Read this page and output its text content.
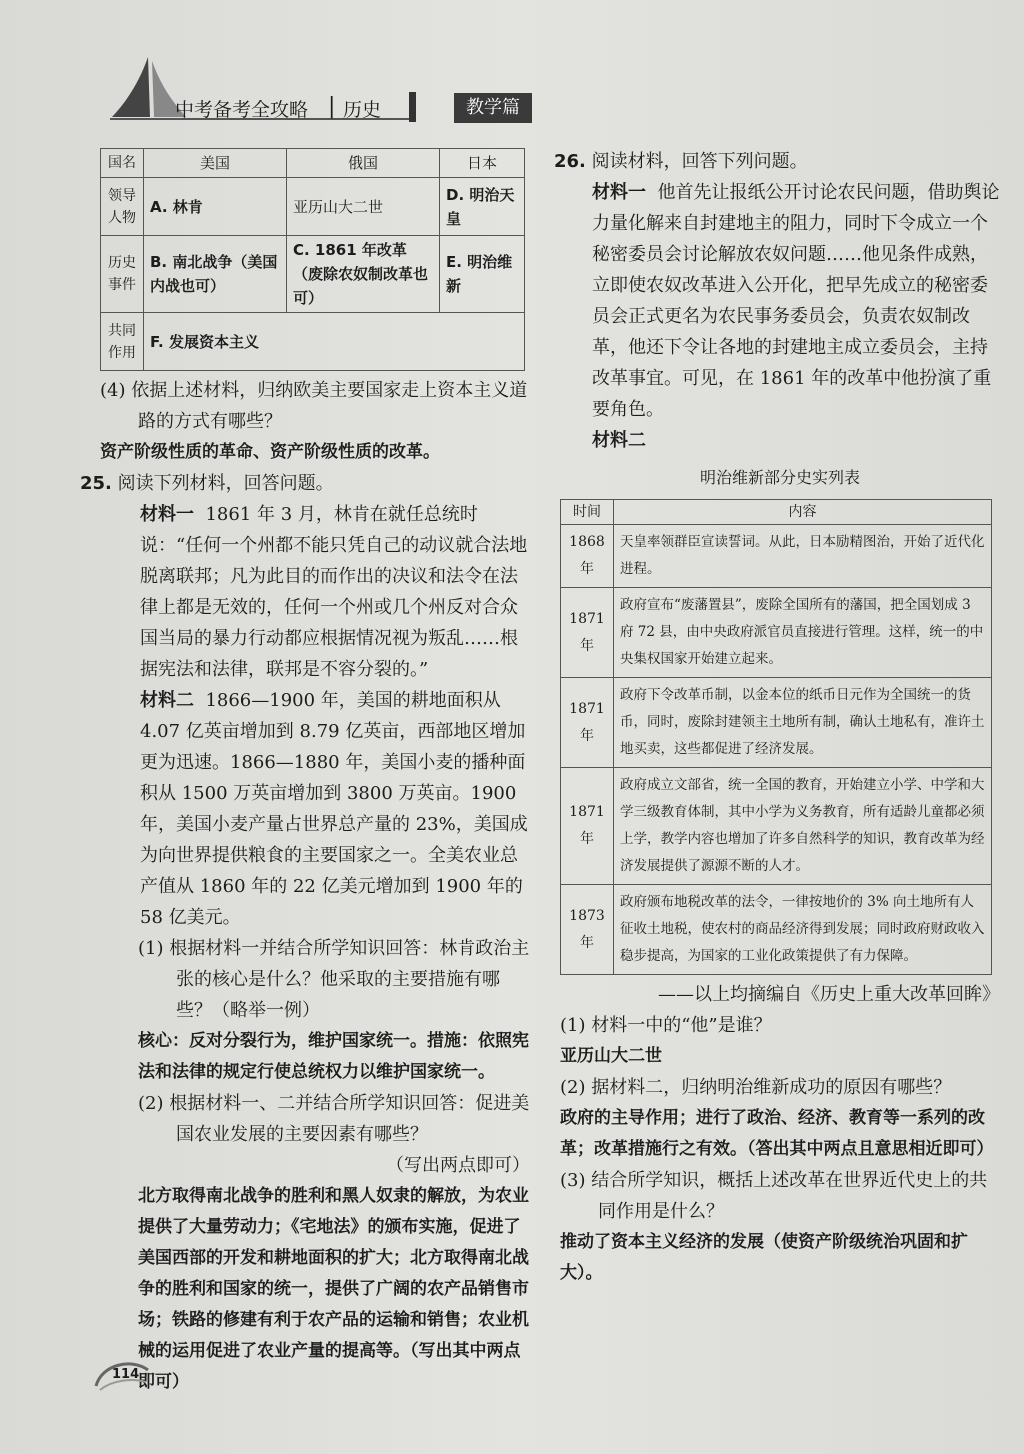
中考备考全攻略 | 历史	教学篇
国名	美国	俄国	日本
领导人物	A. 林肯	亚历山大二世	D. 明治天皇
历史事件	B. 南北战争（美国内战也可）	C. 1861 年改革（废除农奴制改革也可）	E. 明治维新
共同作用	F. 发展资本主义		

(4) 依据上述材料，归纳欧美主要国家走上资本主义道路的方式有哪些？

资产阶级性质的革命、资产阶级性质的改革。

25. 阅读下列材料，回答问题。

材料一 1861 年 3 月，林肯在就任总统时说：“任何一个州都不能只凭自己的动议就合法地脱离联邦；凡为此目的而作出的决议和法令在法律上都是无效的，任何一个州或几个州反对合众国当局的暴力行动都应根据情况视为叛乱……根据宪法和法律，联邦是不容分裂的。”

材料二 1866—1900 年，美国的耕地面积从 4.07 亿英亩增加到 8.79 亿英亩，西部地区增加更为迅速。1866—1880 年，美国小麦的播种面积从 1500 万英亩增加到 3800 万英亩。1900 年，美国小麦产量占世界总产量的 23%，美国成为向世界提供粮食的主要国家之一。全美农业总产值从 1860 年的 22 亿美元增加到 1900 年的 58 亿美元。

(1) 根据材料一并结合所学知识回答：林肯政治主张的核心是什么？他采取的主要措施有哪些？（略举一例）

核心：反对分裂行为，维护国家统一。措施：依照宪法和法律的规定行使总统权力以维护国家统一。

(2) 根据材料一、二并结合所学知识回答：促进美国农业发展的主要因素有哪些？

（写出两点即可）

北方取得南北战争的胜利和黑人奴隶的解放，为农业提供了大量劳动力；《宅地法》的颁布实施，促进了美国西部的开发和耕地面积的扩大；北方取得南北战争的胜利和国家的统一，提供了广阔的农产品销售市场；铁路的修建有利于农产品的运输和销售；农业机械的运用促进了农业产量的提高等。（写出其中两点即可）

26. 阅读材料，回答下列问题。

材料一 他首先让报纸公开讨论农民问题，借助舆论力量化解来自封建地主的阻力，同时下令成立一个秘密委员会讨论解放农奴问题……他见条件成熟，立即使农奴改革进入公开化，把早先成立的秘密委员会正式更名为农民事务委员会，负责农奴制改革，他还下令让各地的封建地主成立委员会，主持改革事宜。可见，在 1861 年的改革中他扮演了重要角色。

材料二

明治维新部分史实列表

时间	内容
1868 年	天皇率领群臣宣读誓词。从此，日本励精图治，开始了近代化进程。
1871 年	政府宣布“废藩置县”，废除全国所有的藩国，把全国划成 3 府 72 县，由中央政府派官员直接进行管理。这样，统一的中央集权国家开始建立起来。
1871 年	政府下令改革币制，以金本位的纸币日元作为全国统一的货币，同时，废除封建领主土地所有制，确认土地私有，准许土地买卖，这些都促进了经济发展。
1871 年	政府成立文部省，统一全国的教育，开始建立小学、中学和大学三级教育体制，其中小学为义务教育，所有适龄儿童都必须上学，教学内容也增加了许多自然科学的知识，教育改革为经济发展提供了源源不断的人才。
1873 年	政府颁布地税改革的法令，一律按地价的 3% 向土地所有人征收土地税，使农村的商品经济得到发展；同时政府财政收入稳步提高，为国家的工业化政策提供了有力保障。

——以上均摘编自《历史上重大改革回眸》

(1) 材料一中的“他”是谁？

亚历山大二世

(2) 据材料二，归纳明治维新成功的原因有哪些？

政府的主导作用；进行了政治、经济、教育等一系列的改革；改革措施行之有效。（答出其中两点且意思相近即可）

(3) 结合所学知识，概括上述改革在世界近代史上的共同作用是什么？

推动了资本主义经济的发展（使资产阶级统治巩固和扩大）。

114
